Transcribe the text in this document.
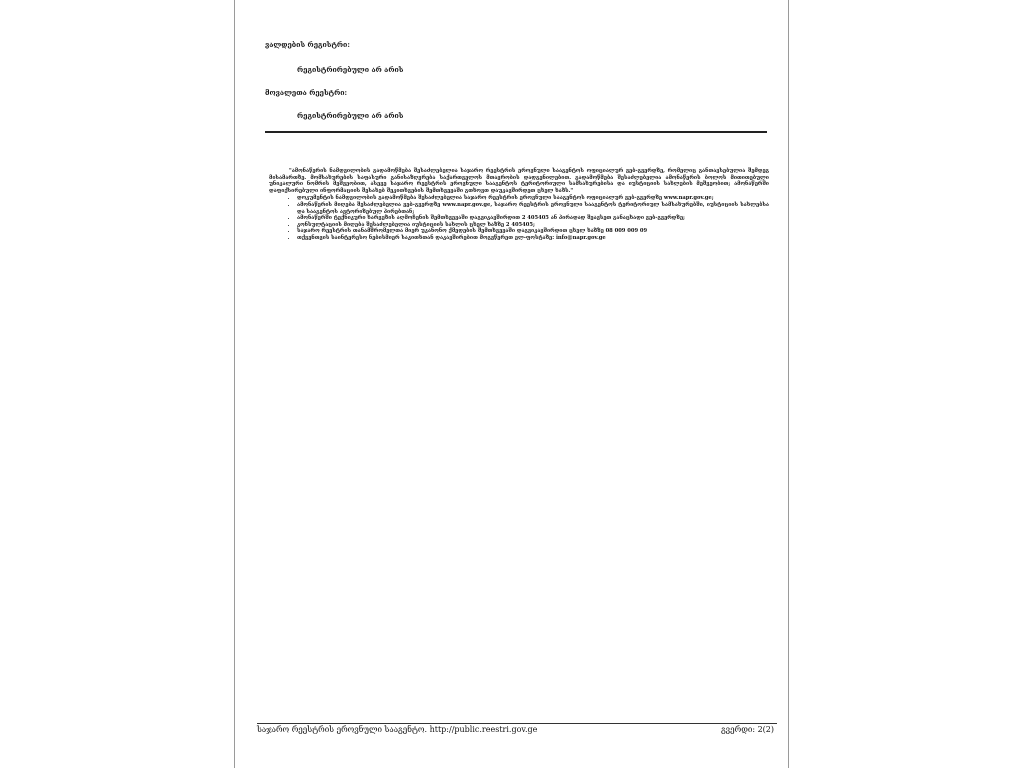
ვალდების რეგისტრი:
რეგისტრირებული არ არის
მოვალეთა რეესტრი:
რეგისტრირებული არ არის

"ამონაწერის ნამდვილობის გადამოწმება შესაძლებელია საჯარო რეესტრის ეროვნული სააგენტოს ოფიციალურ ვებ-გვერდზე, რომელიც განთავსებულია შემდეგ მისამართზე. მომსახურების საფასური განისაზღვრება საქართველოს მთავრობის დადგენილებით. გადამოწმება შესაძლებელია ამონაწერის ბოლოს მითითებული უნიკალური ნომრის მეშვეობით, ასევე საჯარო რეესტრის ეროვნული სააგენტოს ტერიტორიული სამსახურებისა და იუსტიციის სახლების მეშვეობით; ამონაწერში დაფიქსირებული ინფორმაციის შესახებ შეკითხვების შემთხვევაში გთხოვთ დაუკავშირდეთ ცხელ ხაზს."

• დოკუმენტის ნამდვილობის გადამოწმება შესაძლებელია საჯარო რეესტრის ეროვნული სააგენტოს ოფიციალურ ვებ-გვერდზე www.napr.gov.ge;
• ამონაწერის მიღება შესაძლებელია ვებ-გვერდზე www.napr.gov.ge, საჯარო რეესტრის ეროვნული სააგენტოს ტერიტორიულ სამსახურებში, იუსტიციის სახლებსა და სააგენტოს ავტორიზებულ პირებთან;
• ამონაწერში ტექნიკური ხარვეზის აღმოჩენის შემთხვევაში დაგვიკავშირდით 2 405405 ან პირადად შეავსეთ განაცხადი ვებ-გვერდზე;
• კონსულტაციის მიღება შესაძლებელია იუსტიციის სახლის ცხელ ხაზზე 2 405405;
• საჯარო რეესტრის თანამშრომელთა მიერ უკანონო ქმედების შემთხვევაში დაგვიკავშირდით ცხელ ხაზზე 08 009 009 09
• თქვენთვის საინტერესო ნებისმიერ საკითხთან დაკავშირებით მოგვწერეთ ელ-ფოსტაზე: info@napr.gov.ge
საჯარო რეესტრის ეროვნული სააგენტო. http://public.reestri.gov.ge	გვერდი: 2(2)
